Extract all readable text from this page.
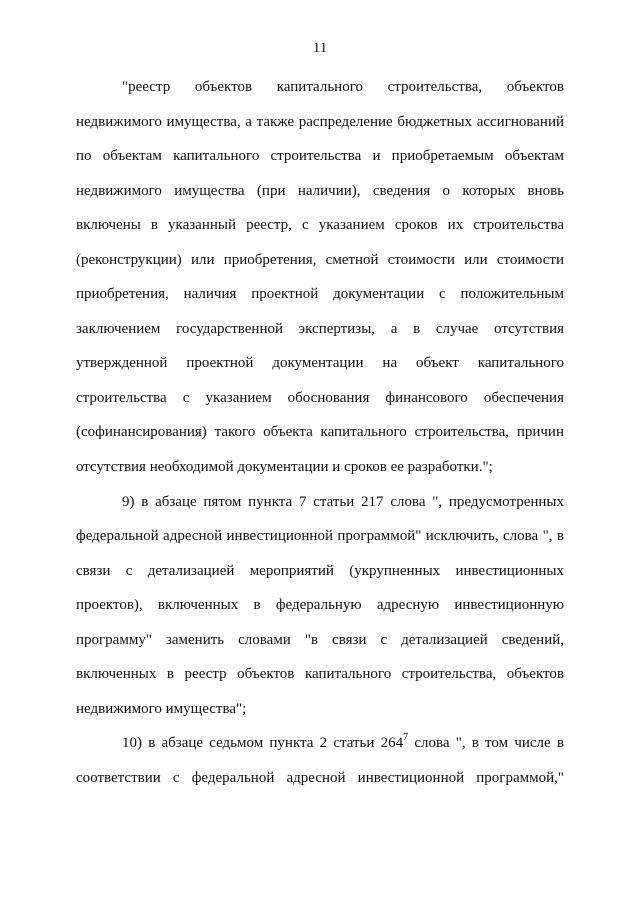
11
"реестр объектов капитального строительства, объектов
недвижимого имущества, а также распределение бюджетных ассигнований
по объектам капитального строительства и приобретаемым объектам
недвижимого имущества (при наличии), сведения о которых вновь
включены в указанный реестр, с указанием сроков их строительства
(реконструкции) или приобретения, сметной стоимости или стоимости
приобретения, наличия проектной документации с положительным
заключением государственной экспертизы, а в случае отсутствия
утвержденной проектной документации на объект капитального
строительства с указанием обоснования финансового обеспечения
(софинансирования) такого объекта капитального строительства, причин
отсутствия необходимой документации и сроков ее разработки.";
9) в абзаце пятом пункта 7 статьи 217 слова ", предусмотренных
федеральной адресной инвестиционной программой" исключить, слова ", в
связи с детализацией мероприятий (укрупненных инвестиционных
проектов), включенных в федеральную адресную инвестиционную
программу" заменить словами "в связи с детализацией сведений,
включенных в реестр объектов капитального строительства, объектов
недвижимого имущества";
10) в абзаце седьмом пункта 2 статьи $264^7$ слова ", в том числе в
соответствии с федеральной адресной инвестиционной программой,"
